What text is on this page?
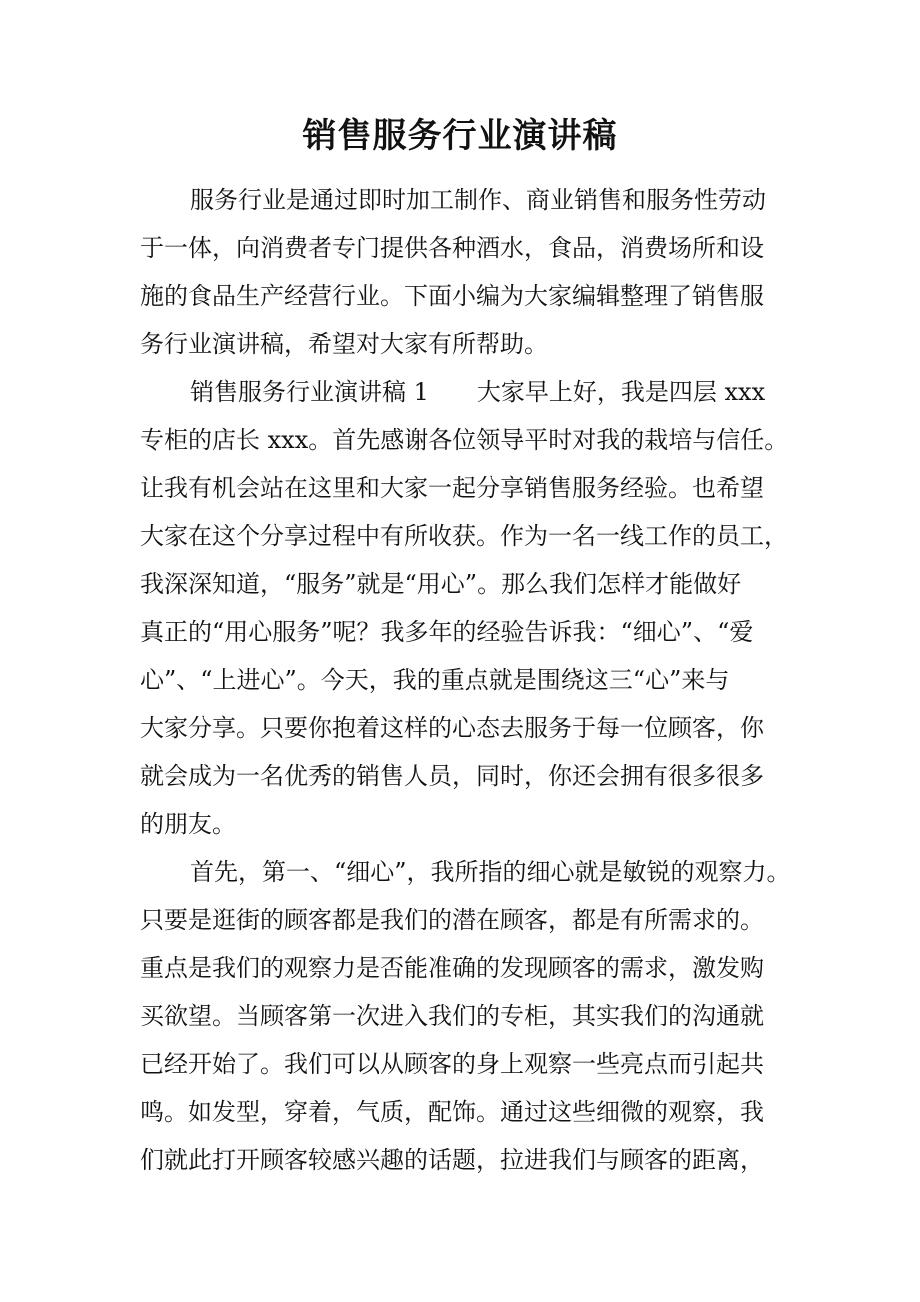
销售服务行业演讲稿
服务行业是通过即时加工制作、商业销售和服务性劳动
于一体，向消费者专门提供各种酒水，食品，消费场所和设
施的食品生产经营行业。下面小编为大家编辑整理了销售服
务行业演讲稿，希望对大家有所帮助。
销售服务行业演讲稿 1　　大家早上好，我是四层 xxx
专柜的店长 xxx。首先感谢各位领导平时对我的栽培与信任。
让我有机会站在这里和大家一起分享销售服务经验。也希望
大家在这个分享过程中有所收获。作为一名一线工作的员工，
我深深知道，“服务”就是“用心”。那么我们怎样才能做好
真正的“用心服务”呢？我多年的经验告诉我：“细心”、“爱
心”、“上进心”。今天，我的重点就是围绕这三“心”来与
大家分享。只要你抱着这样的心态去服务于每一位顾客，你
就会成为一名优秀的销售人员，同时，你还会拥有很多很多
的朋友。
首先，第一、“细心”，我所指的细心就是敏锐的观察力。
只要是逛街的顾客都是我们的潜在顾客，都是有所需求的。
重点是我们的观察力是否能准确的发现顾客的需求，激发购
买欲望。当顾客第一次进入我们的专柜，其实我们的沟通就
已经开始了。我们可以从顾客的身上观察一些亮点而引起共
鸣。如发型，穿着，气质，配饰。通过这些细微的观察，我
们就此打开顾客较感兴趣的话题，拉进我们与顾客的距离，
